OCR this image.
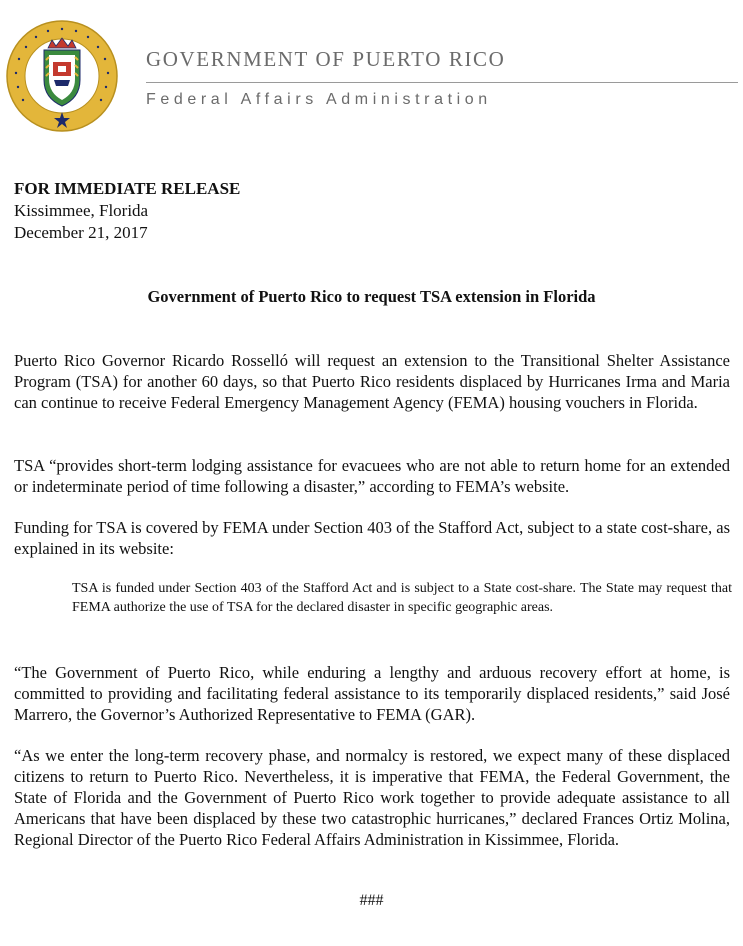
GOVERNMENT OF PUERTO RICO
Federal Affairs Administration
FOR IMMEDIATE RELEASE
Kissimmee, Florida
December 21, 2017
Government of Puerto Rico to request TSA extension in Florida
Puerto Rico Governor Ricardo Rosselló will request an extension to the Transitional Shelter Assistance Program (TSA) for another 60 days, so that Puerto Rico residents displaced by Hurricanes Irma and Maria can continue to receive Federal Emergency Management Agency (FEMA) housing vouchers in Florida.
TSA “provides short-term lodging assistance for evacuees who are not able to return home for an extended or indeterminate period of time following a disaster,” according to FEMA’s website.
Funding for TSA is covered by FEMA under Section 403 of the Stafford Act, subject to a state cost-share, as explained in its website:
TSA is funded under Section 403 of the Stafford Act and is subject to a State cost-share. The State may request that FEMA authorize the use of TSA for the declared disaster in specific geographic areas.
“The Government of Puerto Rico, while enduring a lengthy and arduous recovery effort at home, is committed to providing and facilitating federal assistance to its temporarily displaced residents,” said José Marrero, the Governor’s Authorized Representative to FEMA (GAR).
“As we enter the long-term recovery phase, and normalcy is restored, we expect many of these displaced citizens to return to Puerto Rico. Nevertheless, it is imperative that FEMA, the Federal Government, the State of Florida and the Government of Puerto Rico work together to provide adequate assistance to all Americans that have been displaced by these two catastrophic hurricanes,” declared Frances Ortiz Molina, Regional Director of the Puerto Rico Federal Affairs Administration in Kissimmee, Florida.
###
